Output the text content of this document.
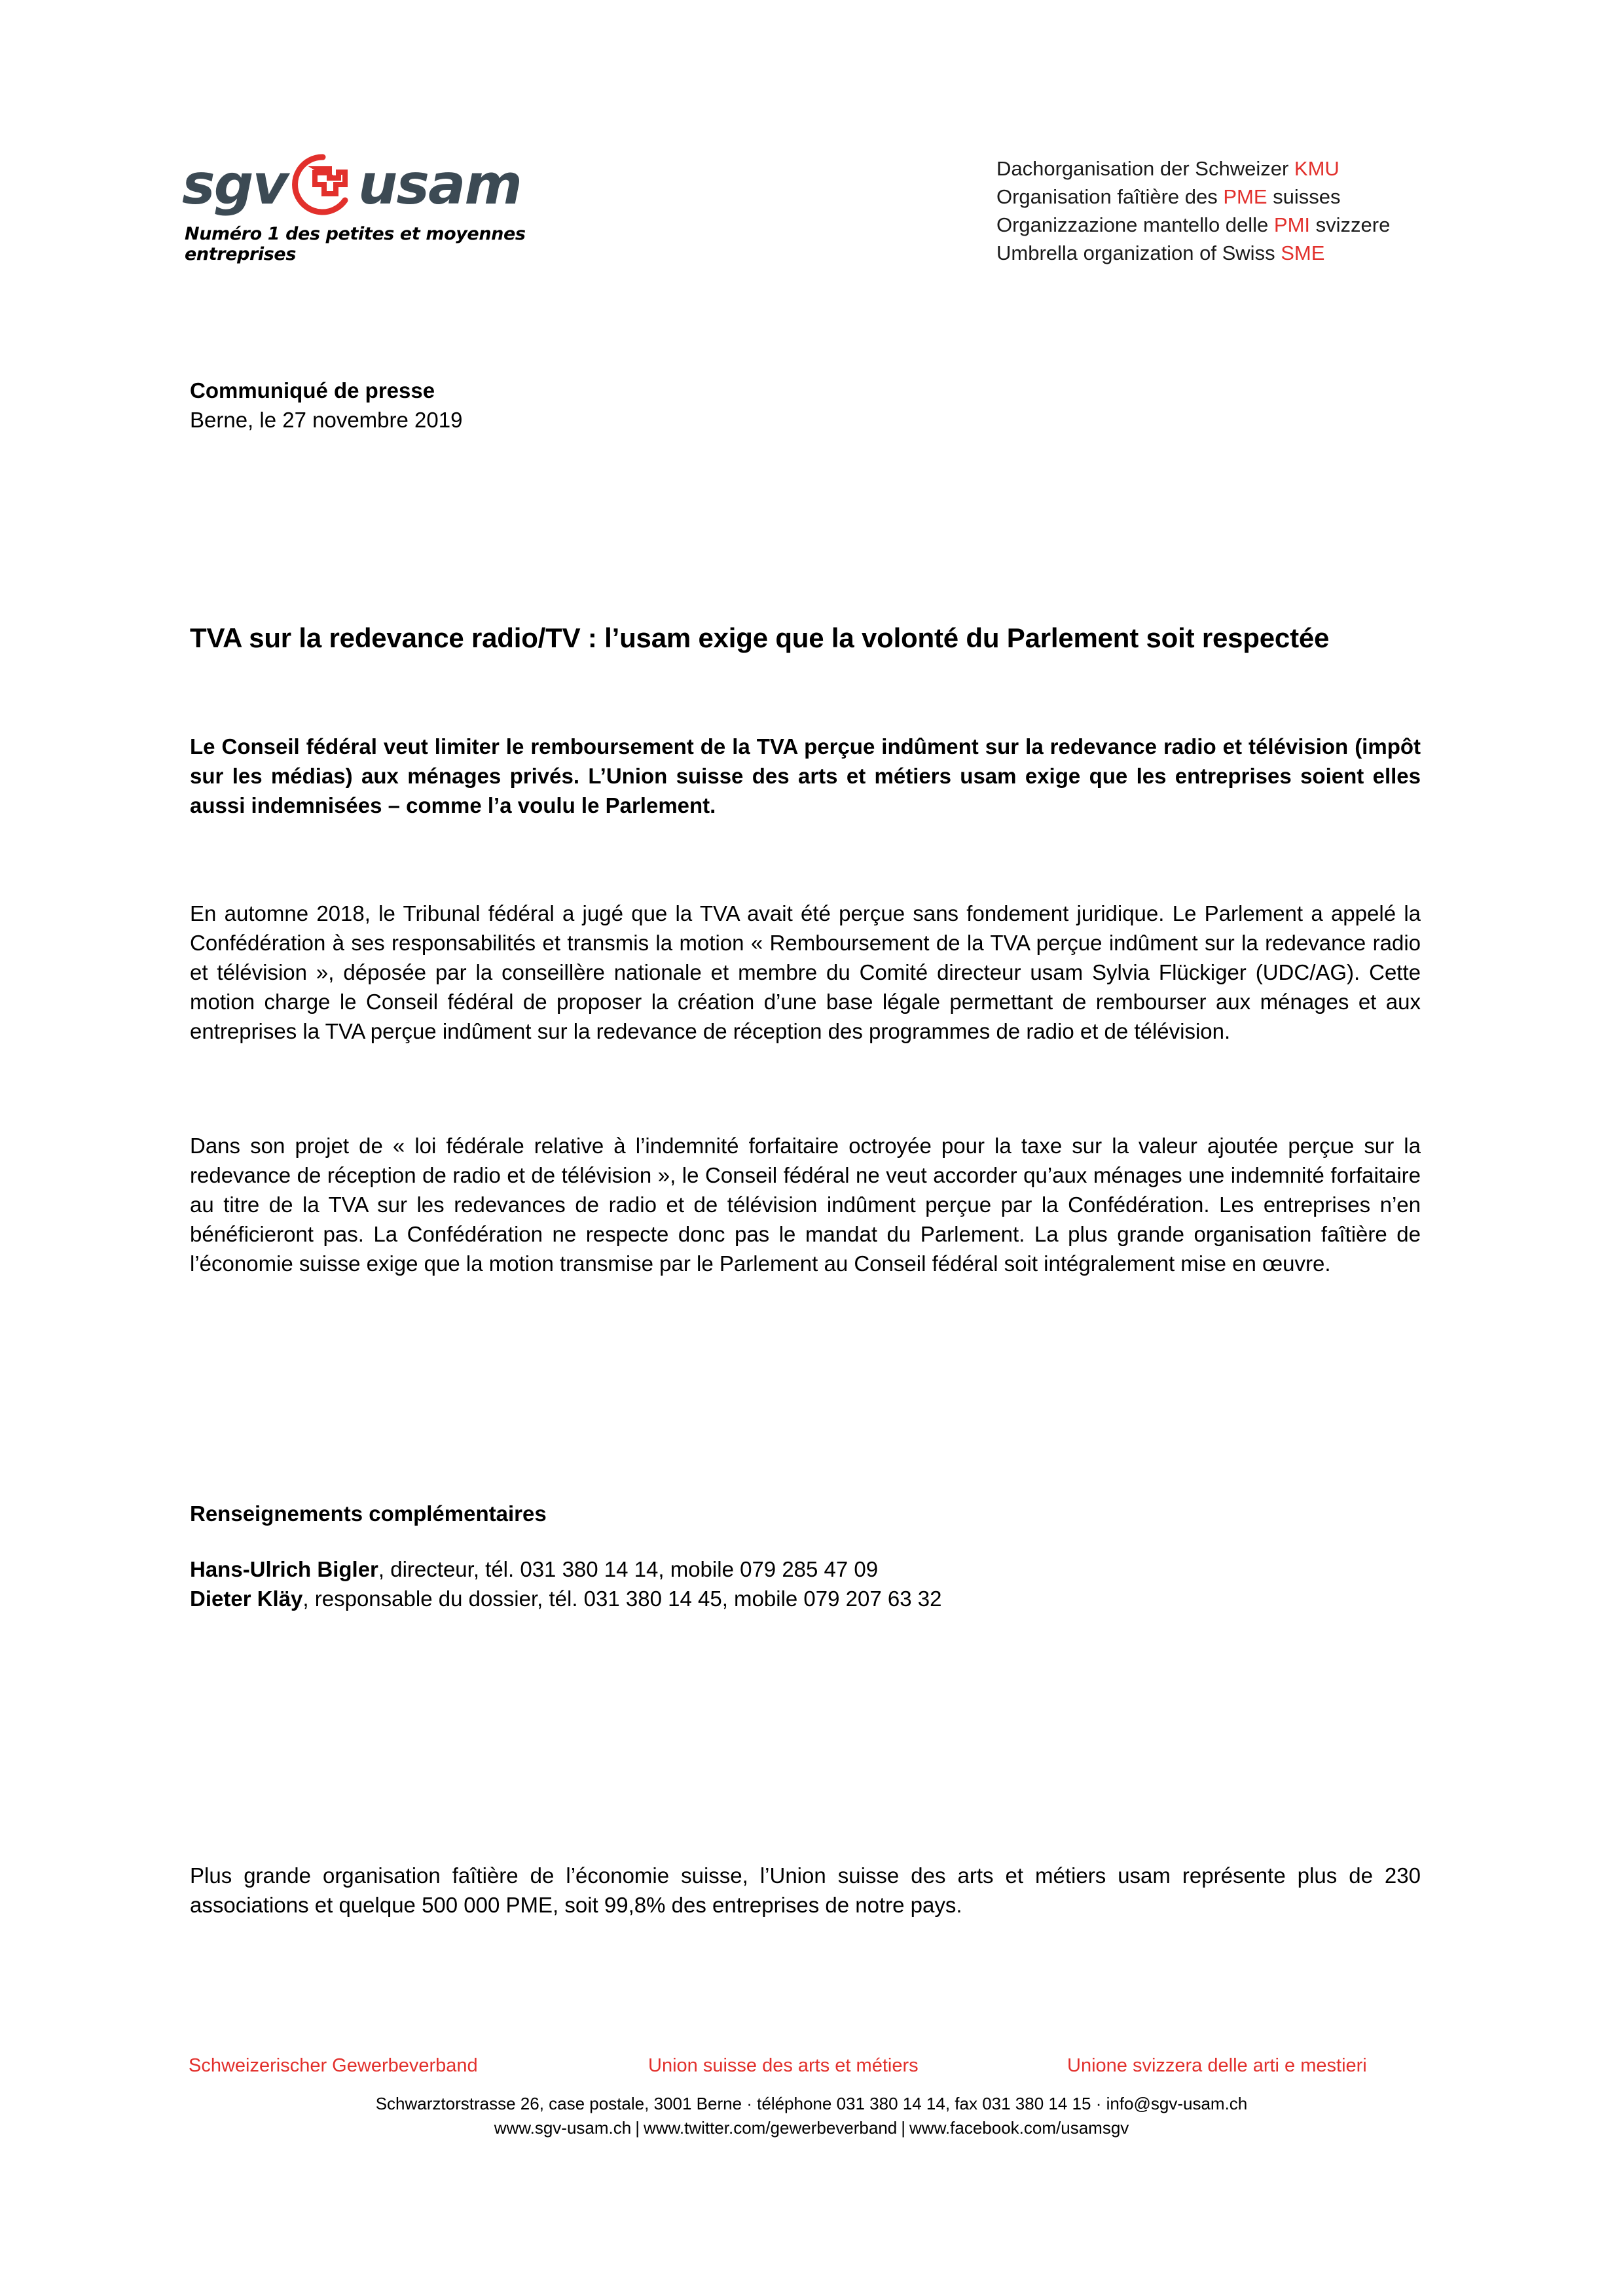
sgv usam
Numéro 1 des petites et moyennes entreprises
Dachorganisation der Schweizer KMU
Organisation faîtière des PME suisses
Organizzazione mantello delle PMI svizzere
Umbrella organization of Swiss SME
Communiqué de presse
Berne, le 27 novembre 2019
TVA sur la redevance radio/TV : l’usam exige que la volonté du Parlement soit respectée

Le Conseil fédéral veut limiter le remboursement de la TVA perçue indûment sur la redevance radio et télévision (impôt sur les médias) aux ménages privés. L’Union suisse des arts et métiers usam exige que les entreprises soient elles aussi indemnisées – comme l’a voulu le Parlement.

En automne 2018, le Tribunal fédéral a jugé que la TVA avait été perçue sans fondement juridique. Le Parlement a appelé la Confédération à ses responsabilités et transmis la motion « Remboursement de la TVA perçue indûment sur la redevance radio et télévision », déposée par la conseillère nationale et membre du Comité directeur usam Sylvia Flückiger (UDC/AG). Cette motion charge le Conseil fédéral de proposer la création d’une base légale permettant de rembourser aux ménages et aux entreprises la TVA perçue indûment sur la redevance de réception des programmes de radio et de télévision.

Dans son projet de « loi fédérale relative à l’indemnité forfaitaire octroyée pour la taxe sur la valeur ajoutée perçue sur la redevance de réception de radio et de télévision », le Conseil fédéral ne veut accorder qu’aux ménages une indemnité forfaitaire au titre de la TVA sur les redevances de radio et de télévision indûment perçue par la Confédération. Les entreprises n’en bénéficieront pas. La Confédération ne respecte donc pas le mandat du Parlement. La plus grande organisation faîtière de l’économie suisse exige que la motion transmise par le Parlement au Conseil fédéral soit intégralement mise en œuvre.

Renseignements complémentaires
Hans-Ulrich Bigler, directeur, tél. 031 380 14 14, mobile 079 285 47 09
Dieter Kläy, responsable du dossier, tél. 031 380 14 45, mobile 079 207 63 32

Plus grande organisation faîtière de l’économie suisse, l’Union suisse des arts et métiers usam représente plus de 230 associations et quelque 500 000 PME, soit 99,8% des entreprises de notre pays.

Schweizerischer Gewerbeverband	Union suisse des arts et métiers	Unione svizzera delle arti e mestieri
Schwarztorstrasse 26, case postale, 3001 Berne · téléphone 031 380 14 14, fax 031 380 14 15 · info@sgv-usam.ch
www.sgv-usam.ch | www.twitter.com/gewerbeverband | www.facebook.com/usamsgv
